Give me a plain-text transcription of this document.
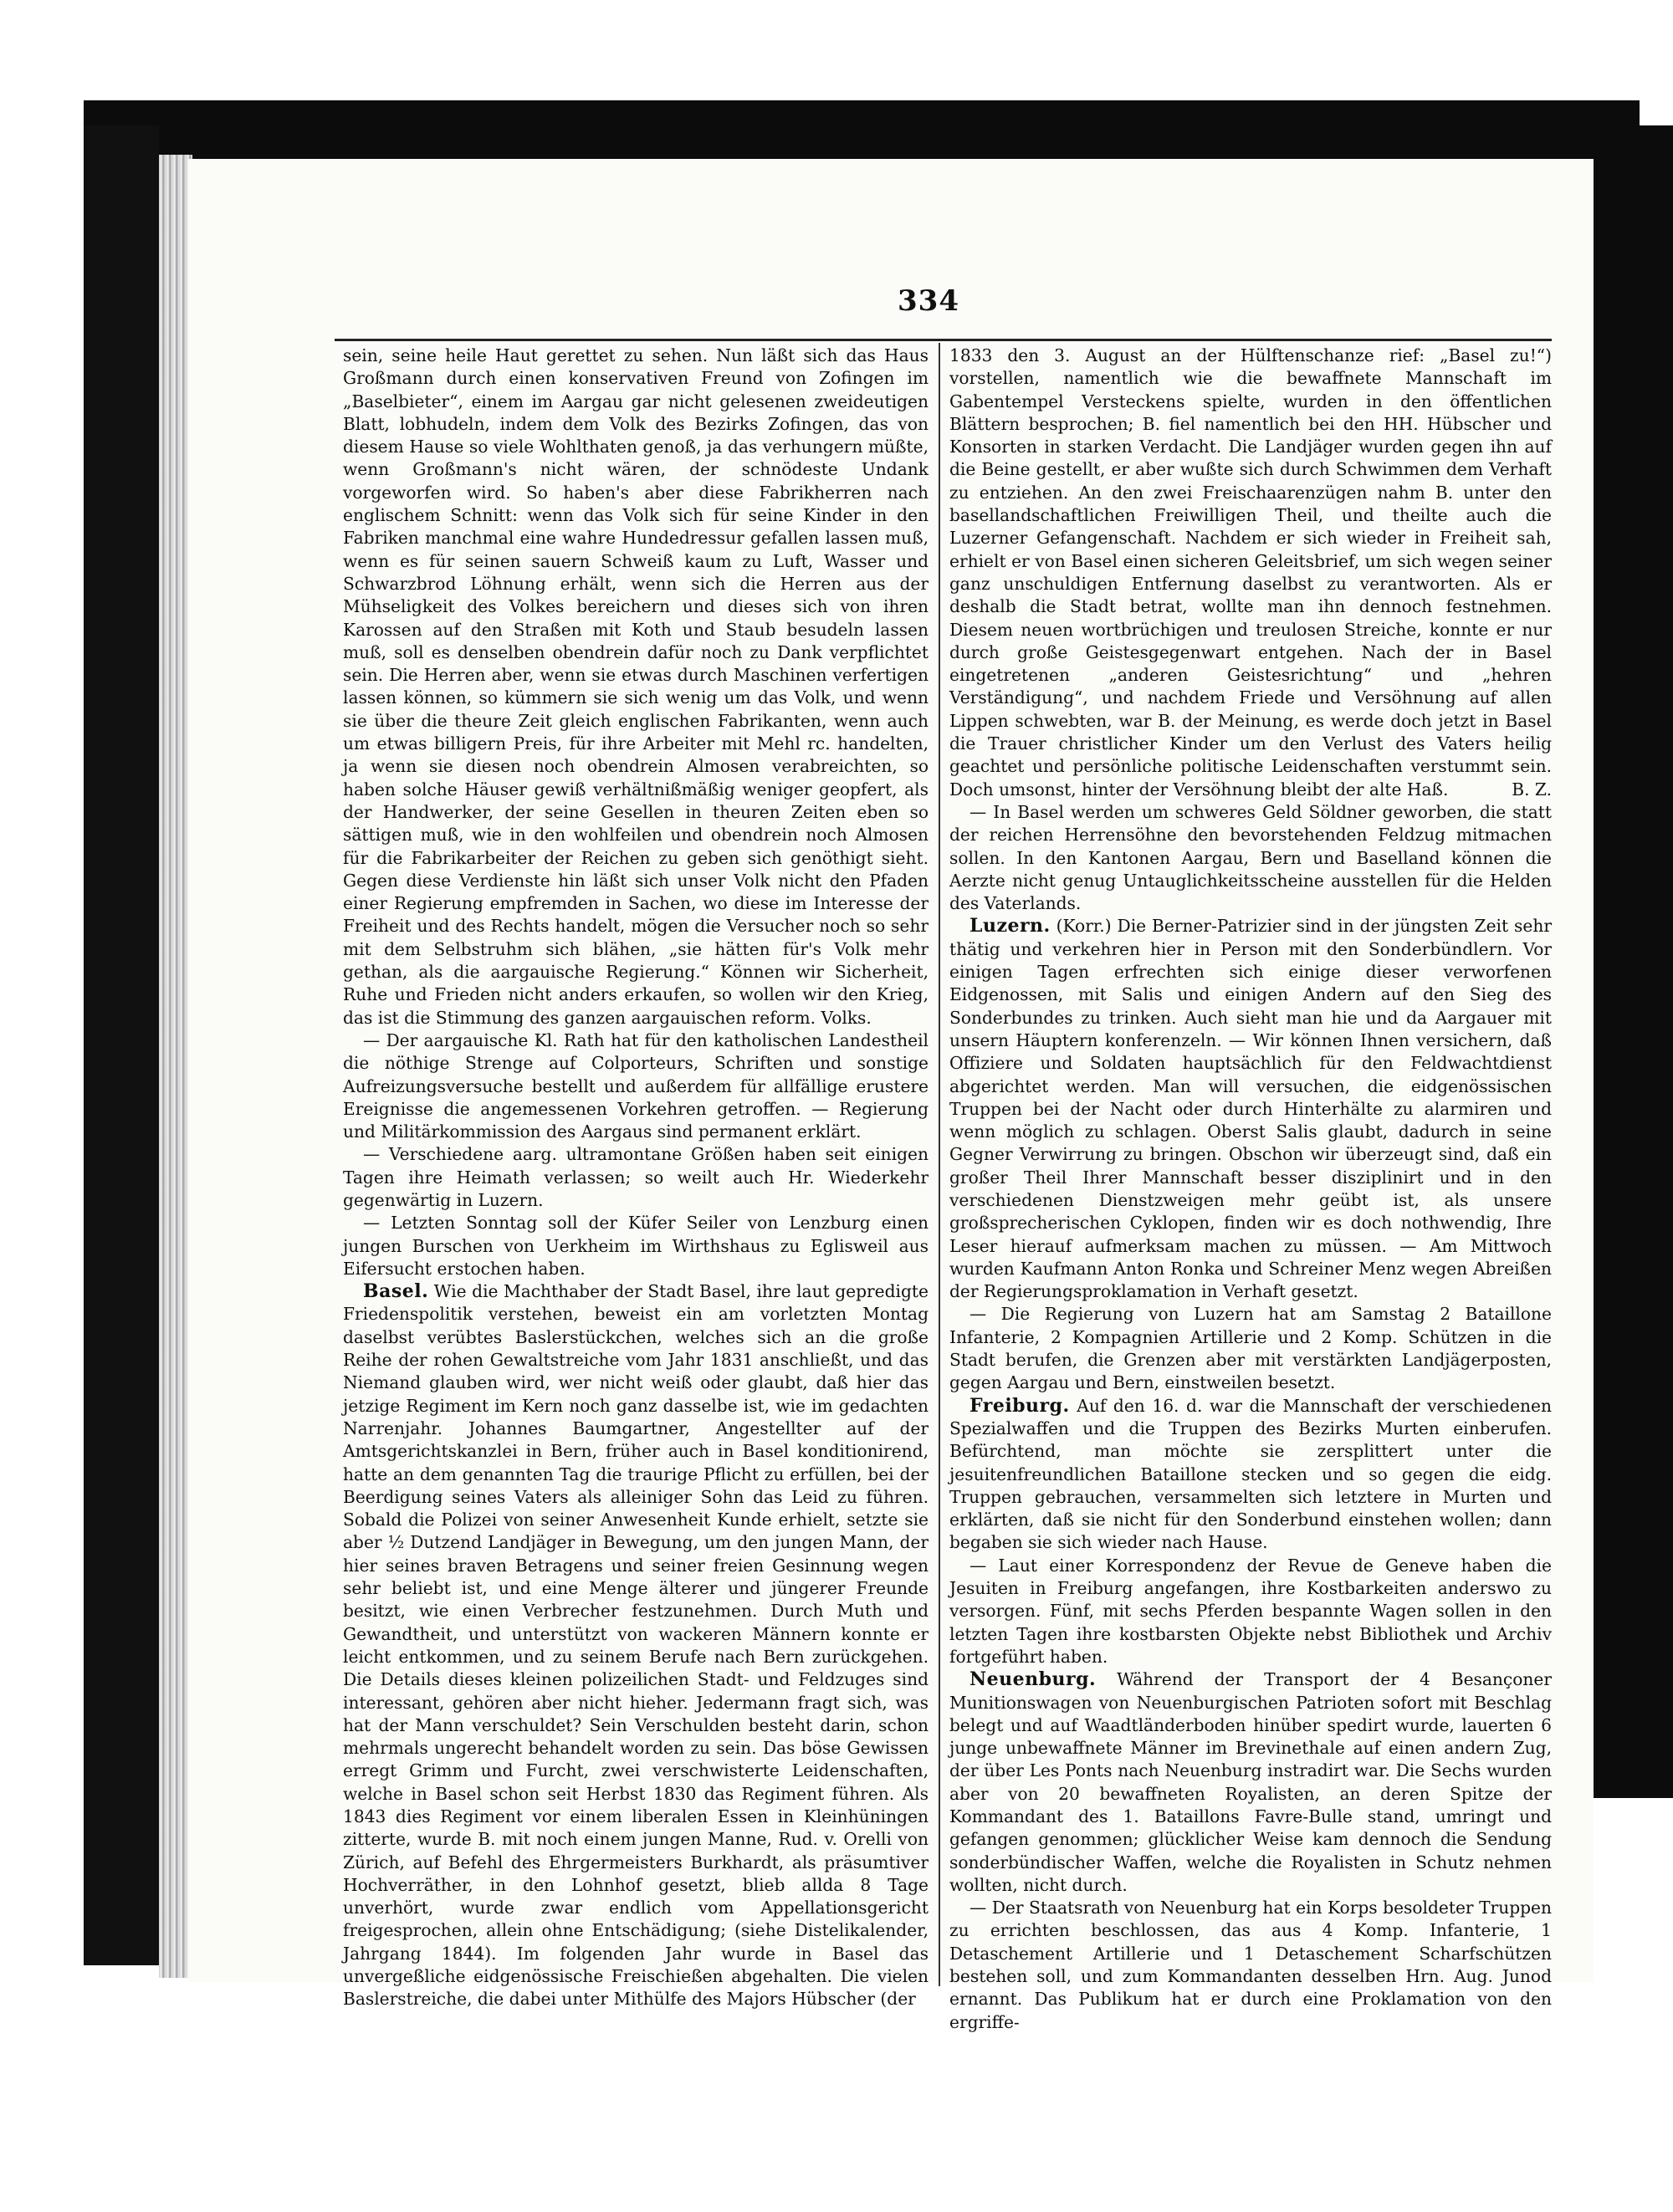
334

sein, seine heile Haut gerettet zu sehen. Nun läßt sich das Haus Großmann durch einen konservativen Freund von Zofingen im „Baselbieter“, einem im Aargau gar nicht gelesenen zweideutigen Blatt, lobhudeln, indem dem Volk des Bezirks Zofingen, das von diesem Hause so viele Wohlthaten genoß, ja das verhungern müßte, wenn Großmann's nicht wären, der schnödeste Undank vorgeworfen wird. So haben's aber diese Fabrikherren nach englischem Schnitt: wenn das Volk sich für seine Kinder in den Fabriken manchmal eine wahre Hundedressur gefallen lassen muß, wenn es für seinen sauern Schweiß kaum zu Luft, Wasser und Schwarzbrod Löhnung erhält, wenn sich die Herren aus der Mühseligkeit des Volkes bereichern und dieses sich von ihren Karossen auf den Straßen mit Koth und Staub besudeln lassen muß, soll es denselben obendrein dafür noch zu Dank verpflichtet sein. Die Herren aber, wenn sie etwas durch Maschinen verfertigen lassen können, so kümmern sie sich wenig um das Volk, und wenn sie über die theure Zeit gleich englischen Fabrikanten, wenn auch um etwas billigern Preis, für ihre Arbeiter mit Mehl rc. handelten, ja wenn sie diesen noch obendrein Almosen verabreichten, so haben solche Häuser gewiß verhältnißmäßig weniger geopfert, als der Handwerker, der seine Gesellen in theuren Zeiten eben so sättigen muß, wie in den wohlfeilen und obendrein noch Almosen für die Fabrikarbeiter der Reichen zu geben sich genöthigt sieht. Gegen diese Verdienste hin läßt sich unser Volk nicht den Pfaden einer Regierung empfremden in Sachen, wo diese im Interesse der Freiheit und des Rechts handelt, mögen die Versucher noch so sehr mit dem Selbstruhm sich blähen, „sie hätten für's Volk mehr gethan, als die aargauische Regierung.“ Können wir Sicherheit, Ruhe und Frieden nicht anders erkaufen, so wollen wir den Krieg, das ist die Stimmung des ganzen aargauischen reform. Volks.

— Der aargauische Kl. Rath hat für den katholischen Landestheil die nöthige Strenge auf Colporteurs, Schriften und sonstige Aufreizungsversuche bestellt und außerdem für allfällige erustere Ereignisse die angemessenen Vorkehren getroffen. — Regierung und Militärkommission des Aargaus sind permanent erklärt.

— Verschiedene aarg. ultramontane Größen haben seit einigen Tagen ihre Heimath verlassen; so weilt auch Hr. Wiederkehr gegenwärtig in Luzern.

— Letzten Sonntag soll der Küfer Seiler von Lenzburg einen jungen Burschen von Uerkheim im Wirthshaus zu Eglisweil aus Eifersucht erstochen haben.

Basel. Wie die Machthaber der Stadt Basel, ihre laut gepredigte Friedenspolitik verstehen, beweist ein am vorletzten Montag daselbst verübtes Baslerstückchen, welches sich an die große Reihe der rohen Gewaltstreiche vom Jahr 1831 anschließt, und das Niemand glauben wird, wer nicht weiß oder glaubt, daß hier das jetzige Regiment im Kern noch ganz dasselbe ist, wie im gedachten Narrenjahr. Johannes Baumgartner, Angestellter auf der Amtsgerichtskanzlei in Bern, früher auch in Basel konditionirend, hatte an dem genannten Tag die traurige Pflicht zu erfüllen, bei der Beerdigung seines Vaters als alleiniger Sohn das Leid zu führen. Sobald die Polizei von seiner Anwesenheit Kunde erhielt, setzte sie aber ½ Dutzend Landjäger in Bewegung, um den jungen Mann, der hier seines braven Betragens und seiner freien Gesinnung wegen sehr beliebt ist, und eine Menge älterer und jüngerer Freunde besitzt, wie einen Verbrecher festzunehmen. Durch Muth und Gewandtheit, und unterstützt von wackeren Männern konnte er leicht entkommen, und zu seinem Berufe nach Bern zurückgehen. Die Details dieses kleinen polizeilichen Stadt- und Feldzuges sind interessant, gehören aber nicht hieher. Jedermann fragt sich, was hat der Mann verschuldet? Sein Verschulden besteht darin, schon mehrmals ungerecht behandelt worden zu sein. Das böse Gewissen erregt Grimm und Furcht, zwei verschwisterte Leidenschaften, welche in Basel schon seit Herbst 1830 das Regiment führen. Als 1843 dies Regiment vor einem liberalen Essen in Kleinhüningen zitterte, wurde B. mit noch einem jungen Manne, Rud. v. Orelli von Zürich, auf Befehl des Ehrgermeisters Burkhardt, als präsumtiver Hochverräther, in den Lohnhof gesetzt, blieb allda 8 Tage unverhört, wurde zwar endlich vom Appellationsgericht freigesprochen, allein ohne Entschädigung; (siehe Distelikalender, Jahrgang 1844). Im folgenden Jahr wurde in Basel das unvergeßliche eidgenössische Freischießen abgehalten. Die vielen Baslerstreiche, die dabei unter Mithülfe des Majors Hübscher (der

1833 den 3. August an der Hülftenschanze rief: „Basel zu!“) vorstellen, namentlich wie die bewaffnete Mannschaft im Gabentempel Versteckens spielte, wurden in den öffentlichen Blättern besprochen; B. fiel namentlich bei den HH. Hübscher und Konsorten in starken Verdacht. Die Landjäger wurden gegen ihn auf die Beine gestellt, er aber wußte sich durch Schwimmen dem Verhaft zu entziehen. An den zwei Freischaarenzügen nahm B. unter den basellandschaftlichen Freiwilligen Theil, und theilte auch die Luzerner Gefangenschaft. Nachdem er sich wieder in Freiheit sah, erhielt er von Basel einen sicheren Geleitsbrief, um sich wegen seiner ganz unschuldigen Entfernung daselbst zu verantworten. Als er deshalb die Stadt betrat, wollte man ihn dennoch festnehmen. Diesem neuen wortbrüchigen und treulosen Streiche, konnte er nur durch große Geistesgegenwart entgehen. Nach der in Basel eingetretenen „anderen Geistesrichtung“ und „hehren Verständigung“, und nachdem Friede und Versöhnung auf allen Lippen schwebten, war B. der Meinung, es werde doch jetzt in Basel die Trauer christlicher Kinder um den Verlust des Vaters heilig geachtet und persönliche politische Leidenschaften verstummt sein. Doch umsonst, hinter der Versöhnung bleibt der alte Haß.	B. Z.

— In Basel werden um schweres Geld Söldner geworben, die statt der reichen Herrensöhne den bevorstehenden Feldzug mitmachen sollen. In den Kantonen Aargau, Bern und Baselland können die Aerzte nicht genug Untauglichkeitsscheine ausstellen für die Helden des Vaterlands.

Luzern. (Korr.) Die Berner-Patrizier sind in der jüngsten Zeit sehr thätig und verkehren hier in Person mit den Sonderbündlern. Vor einigen Tagen erfrechten sich einige dieser verworfenen Eidgenossen, mit Salis und einigen Andern auf den Sieg des Sonderbundes zu trinken. Auch sieht man hie und da Aargauer mit unsern Häuptern konferenzeln. — Wir können Ihnen versichern, daß Offiziere und Soldaten hauptsächlich für den Feldwachtdienst abgerichtet werden. Man will versuchen, die eidgenössischen Truppen bei der Nacht oder durch Hinterhälte zu alarmiren und wenn möglich zu schlagen. Oberst Salis glaubt, dadurch in seine Gegner Verwirrung zu bringen. Obschon wir überzeugt sind, daß ein großer Theil Ihrer Mannschaft besser disziplinirt und in den verschiedenen Dienstzweigen mehr geübt ist, als unsere großsprecherischen Cyklopen, finden wir es doch nothwendig, Ihre Leser hierauf aufmerksam machen zu müssen. — Am Mittwoch wurden Kaufmann Anton Ronka und Schreiner Menz wegen Abreißen der Regierungsproklamation in Verhaft gesetzt.

— Die Regierung von Luzern hat am Samstag 2 Bataillone Infanterie, 2 Kompagnien Artillerie und 2 Komp. Schützen in die Stadt berufen, die Grenzen aber mit verstärkten Landjägerposten, gegen Aargau und Bern, einstweilen besetzt.

Freiburg. Auf den 16. d. war die Mannschaft der verschiedenen Spezialwaffen und die Truppen des Bezirks Murten einberufen. Befürchtend, man möchte sie zersplittert unter die jesuitenfreundlichen Bataillone stecken und so gegen die eidg. Truppen gebrauchen, versammelten sich letztere in Murten und erklärten, daß sie nicht für den Sonderbund einstehen wollen; dann begaben sie sich wieder nach Hause.

— Laut einer Korrespondenz der Revue de Geneve haben die Jesuiten in Freiburg angefangen, ihre Kostbarkeiten anderswo zu versorgen. Fünf, mit sechs Pferden bespannte Wagen sollen in den letzten Tagen ihre kostbarsten Objekte nebst Bibliothek und Archiv fortgeführt haben.

Neuenburg. Während der Transport der 4 Besançoner Munitionswagen von Neuenburgischen Patrioten sofort mit Beschlag belegt und auf Waadtländerboden hinüber spedirt wurde, lauerten 6 junge unbewaffnete Männer im Brevinethale auf einen andern Zug, der über Les Ponts nach Neuenburg instradirt war. Die Sechs wurden aber von 20 bewaffneten Royalisten, an deren Spitze der Kommandant des 1. Bataillons Favre-Bulle stand, umringt und gefangen genommen; glücklicher Weise kam dennoch die Sendung sonderbündischer Waffen, welche die Royalisten in Schutz nehmen wollten, nicht durch.

— Der Staatsrath von Neuenburg hat ein Korps besoldeter Truppen zu errichten beschlossen, das aus 4 Komp. Infanterie, 1 Detaschement Artillerie und 1 Detaschement Scharfschützen bestehen soll, und zum Kommandanten desselben Hrn. Aug. Junod ernannt. Das Publikum hat er durch eine Proklamation von den ergriffe-
